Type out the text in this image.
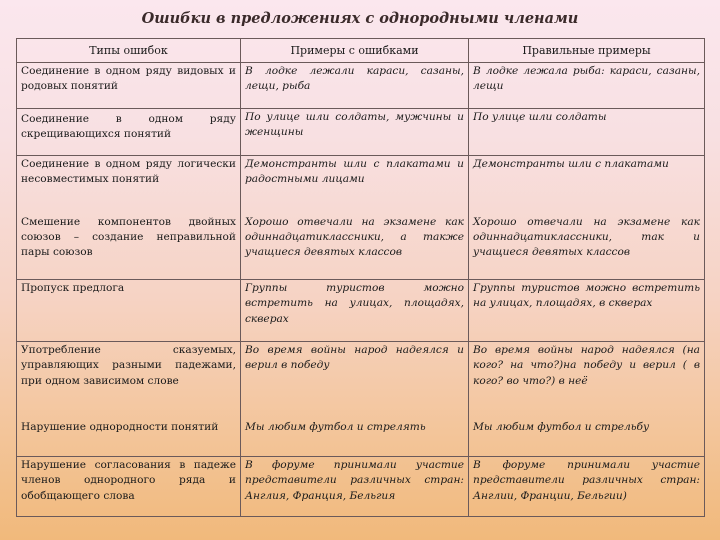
Ошибки в предложениях с однородными членами
Типы ошибок	Примеры с ошибками	Правильные примеры
Соединение в одном ряду видовых и родовых понятий	В лодке лежали караси, сазаны, лещи, рыба	В лодке лежала рыба: караси, сазаны, лещи
Соединение в одном ряду скрещивающихся понятий	По улице шли солдаты, мужчины и женщины	По улице шли солдаты
Соединение в одном ряду логически несовместимых понятий	Демонстранты шли с плакатами и радостными лицами	Демонстранты шли с плакатами
Смешение компонентов двойных союзов – создание неправильной пары союзов	Хорошо отвечали на экзамене как одиннадцатиклассники, а также учащиеся девятых классов	Хорошо отвечали на экзамене как одиннадцатиклассники, так и учащиеся девятых классов
Пропуск предлога	Группы туристов можно встретить на улицах, площадях, скверах	Группы туристов можно встретить на улицах, площадях, в скверах
Употребление сказуемых, управляющих разными падежами, при одном зависимом слове	Во время войны народ надеялся и верил в победу	Во время войны народ надеялся (на кого? на что?)на победу и верил ( в кого? во что?) в неё
Нарушение однородности понятий	Мы любим футбол и стрелять	Мы любим футбол и стрельбу
Нарушение согласования в падеже членов однородного ряда и обобщающего слова	В форуме принимали участие представители различных стран: Англия, Франция, Бельгия	В форуме принимали участие представители различных стран: Англии, Франции, Бельгии)
